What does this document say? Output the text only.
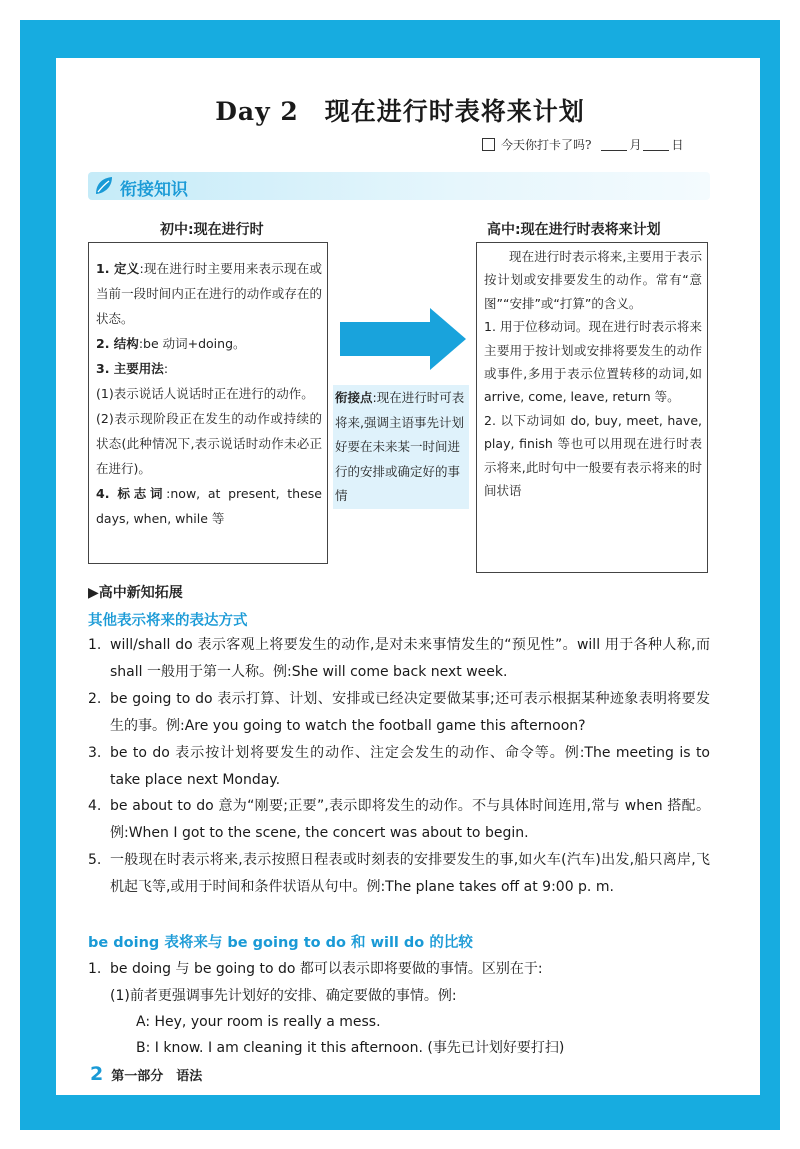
Day 2　现在进行时表将来计划
今天你打卡了吗?	月	日
衔接知识
初中:现在进行时	高中:现在进行时表将来计划

1. 定义:现在进行时主要用来表示现在或当前一段时间内正在进行的动作或存在的状态。

2. 结构:be 动词+doing。

3. 主要用法:

(1)表示说话人说话时正在进行的动作。

(2)表示现阶段正在发生的动作或持续的状态(此种情况下,表示说话时动作未必正在进行)。

4. 标志词:now, at present, these days, when, while 等

衔接点:现在进行时可表将来,强调主语事先计划好要在未来某一时间进行的安排或确定好的事情

现在进行时表示将来,主要用于表示按计划或安排要发生的动作。常有“意图”“安排”或“打算”的含义。

1. 用于位移动词。现在进行时表示将来主要用于按计划或安排将要发生的动作或事件,多用于表示位置转移的动词,如 arrive, come, leave, return 等。

2. 以下动词如 do, buy, meet, have, play, finish 等也可以用现在进行时表示将来,此时句中一般要有表示将来的时间状语

▶高中新知拓展
其他表示将来的表达方式
1. will/shall do 表示客观上将要发生的动作,是对未来事情发生的“预见性”。will 用于各种人称,而 shall 一般用于第一人称。例:She will come back next week.
2. be going to do 表示打算、计划、安排或已经决定要做某事;还可表示根据某种迹象表明将要发生的事。例:Are you going to watch the football game this afternoon?
3. be to do 表示按计划将要发生的动作、注定会发生的动作、命令等。例:The meeting is to take place next Monday.
4. be about to do 意为“刚要;正要”,表示即将发生的动作。不与具体时间连用,常与 when 搭配。例:When I got to the scene, the concert was about to begin.
5. 一般现在时表示将来,表示按照日程表或时刻表的安排要发生的事,如火车(汽车)出发,船只离岸,飞机起飞等,或用于时间和条件状语从句中。例:The plane takes off at 9:00 p. m.
be doing 表将来与 be going to do 和 will do 的比较
1. be doing 与 be going to do 都可以表示即将要做的事情。区别在于:
(1)前者更强调事先计划好的安排、确定要做的事情。例:
A: Hey, your room is really a mess.
B: I know. I am cleaning it this afternoon. (事先已计划好要打扫)
2 第一部分　语法
